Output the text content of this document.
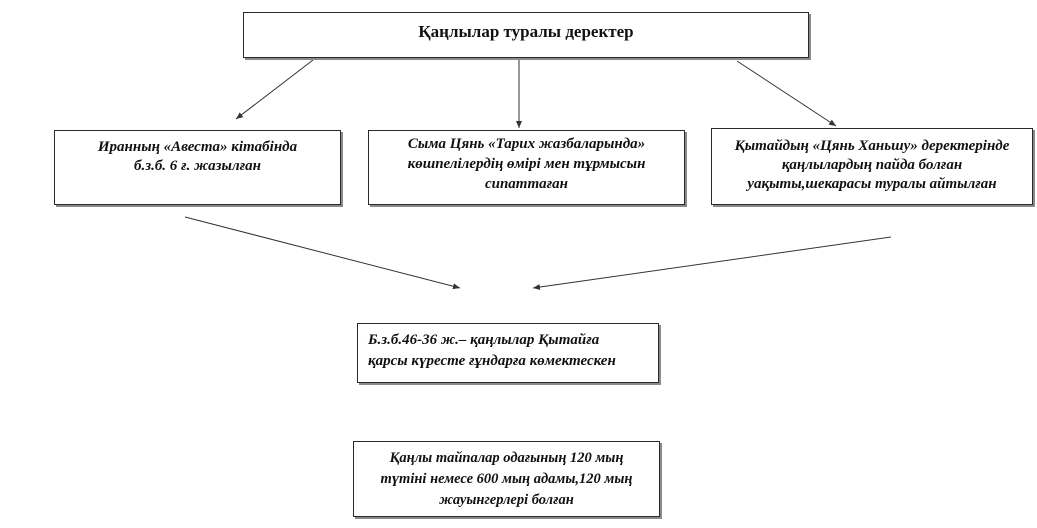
Қаңлылар туралы деректер
Иранның «Авеста» кітабінда
б.з.б. 6 ғ. жазылған
Сыма Цянь «Тарих жазбаларында»
көшпелілердің өмірі мен тұрмысын
сипаттаған
Қытайдың «Цянь Ханьшу» деректерінде
қаңлылардың пайда болған
уақыты,шекарасы туралы айтылған
Б.з.б.46-36 ж.– қаңлылар Қытайға
қарсы күресте ғұндарға көмектескен
Қаңлы тайпалар одағының 120 мың
түтіні немесе 600 мың адамы,120 мың
жауынгерлері болған
